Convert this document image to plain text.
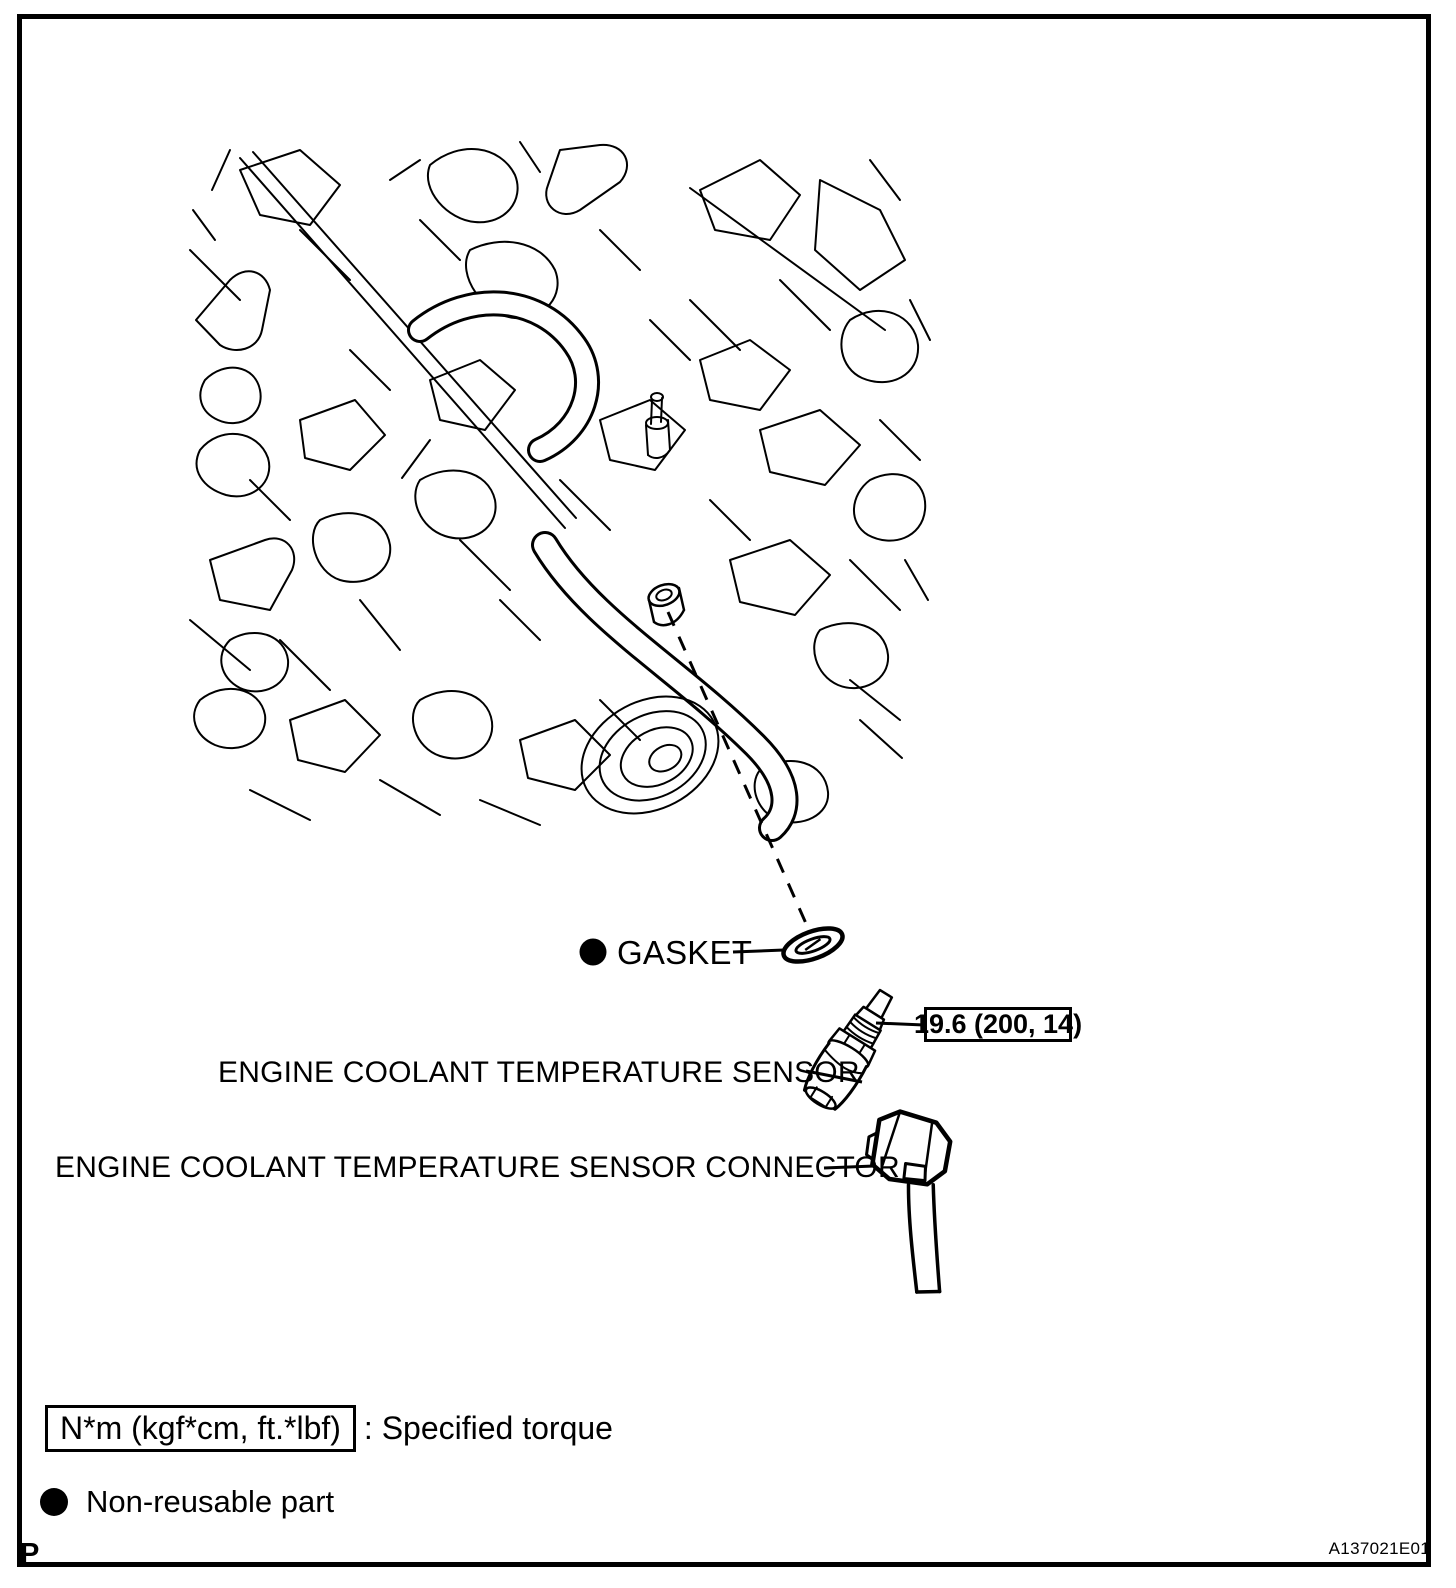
GASKET
ENGINE COOLANT TEMPERATURE SENSOR
ENGINE COOLANT TEMPERATURE SENSOR CONNECTOR
19.6 (200, 14)
N*m (kgf*cm, ft.*lbf) : Specified torque
Non-reusable part
P	A137021E01
